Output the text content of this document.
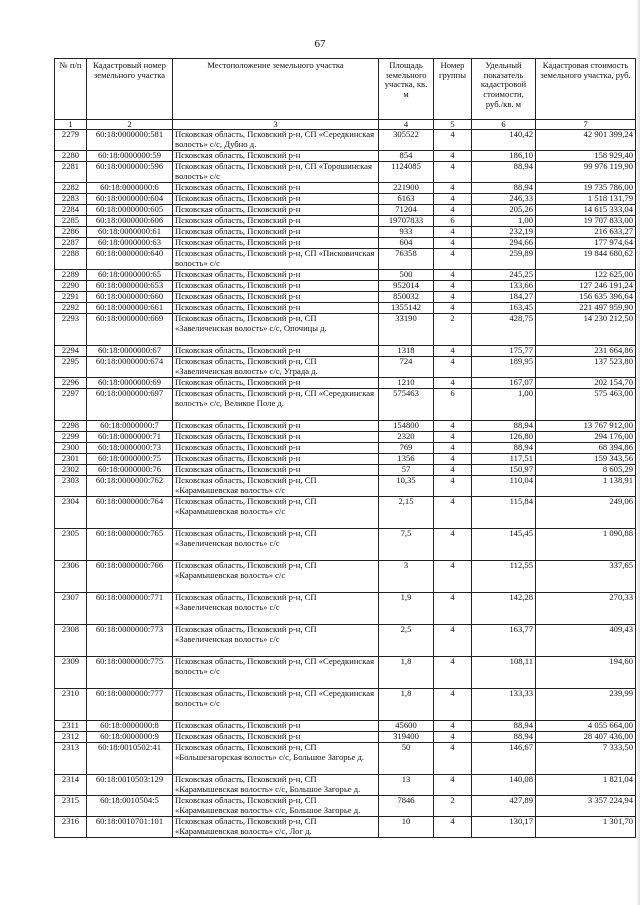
67
№ п/п	Кадастровый номер земельного участка	Местоположение земельного участка	Площадь земельного участка, кв. м	Номер группы	Удельный показатель кадастровой стоимости, руб./кв. м	Кадастровая стоимость земельного участка, руб.
1	2	3	4	5	6	7
2279	60:18:0000000:581	Псковская область, Псковский р-н, СП «Середкинская волость» с/с, Дубно д.	305522	4	140,42	42 901 399,24
2280	60:18:0000000:59	Псковская область, Псковский р-н	854	4	186,10	158 929,40
2281	60:18:0000000:596	Псковская область, Псковский р-н, СП «Торошинская волость» с/с	1124085	4	88,94	99 976 119,90
2282	60:18:0000000:6	Псковская область, Псковский р-н	221900	4	88,94	19 735 786,00
2283	60:18:0000000:604	Псковская область, Псковский р-н	6163	4	246,33	1 518 131,79
2284	60:18:0000000:605	Псковская область, Псковский р-н	71204	4	205,26	14 615 333,04
2285	60:18:0000000:606	Псковская область, Псковский р-н	19707833	6	1,00	19 707 833,00
2286	60:18:0000000:61	Псковская область, Псковский р-н	933	4	232,19	216 633,27
2287	60:18:0000000:63	Псковская область, Псковский р-н	604	4	294,66	177 974,64
2288	60:18:0000000:640	Псковская область, Псковский р-н, СП «Писковичская волость» с/с	76358	4	259,89	19 844 680,62
2289	60:18:0000000:65	Псковская область, Псковский р-н	500	4	245,25	122 625,00
2290	60:18:0000000:653	Псковская область, Псковский р-н	952014	4	133,66	127 246 191,24
2291	60:18:0000000:660	Псковская область, Псковский р-н	850032	4	184,27	156 635 396,64
2292	60:18:0000000:661	Псковская область, Псковский р-н	1355142	4	163,45	221 497 959,90
2293	60:18:0000000:669	Псковская область, Псковский р-н, СП «Завеличенская волость» с/с, Опочицы д.	33190	2	428,75	14 230 212,50
2294	60:18:0000000:67	Псковская область, Псковский р-н	1318	4	175,77	231 664,86
2295	60:18:0000000:674	Псковская область, Псковский р-н, СП «Завеличенская волость» с/с, Уграда д.	724	4	189,95	137 523,80
2296	60:18:0000000:69	Псковская область, Псковский р-н	1210	4	167,07	202 154,70
2297	60:18:0000000:697	Псковская область, Псковский р-н, СП «Середкинская волость» с/с, Великое Поле д.	575463	6	1,00	575 463,00
2298	60:18:0000000:7	Псковская область, Псковский р-н	154800	4	88,94	13 767 912,00
2299	60:18:0000000:71	Псковская область, Псковский р-н	2320	4	126,80	294 176,00
2300	60:18:0000000:73	Псковская область, Псковский р-н	769	4	88,94	68 394,86
2301	60:18:0000000:75	Псковская область, Псковский р-н	1356	4	117,51	159 343,56
2302	60:18:0000000:76	Псковская область, Псковский р-н	57	4	150,97	8 605,29
2303	60:18:0000000:762	Псковская область, Псковский р-н, СП «Карамышевская волость» с/с	10,35	4	110,04	1 138,91
2304	60:18:0000000:764	Псковская область, Псковский р-н, СП «Карамышевская волость» с/с	2,15	4	115,84	249,06
2305	60:18:0000000:765	Псковская область, Псковский р-н, СП «Завеличенская волость» с/с	7,5	4	145,45	1 090,88
2306	60:18:0000000:766	Псковская область, Псковский р-н, СП «Карамышевская волость» с/с	3	4	112,55	337,65
2307	60:18:0000000:771	Псковская область, Псковский р-н, СП «Завеличенская волость» с/с	1,9	4	142,28	270,33
2308	60:18:0000000:773	Псковская область, Псковский р-н, СП «Завеличенская волость» с/с	2,5	4	163,77	409,43
2309	60:18:0000000:775	Псковская область, Псковский р-н, СП «Середкинская волость» с/с	1,8	4	108,11	194,60
2310	60:18:0000000:777	Псковская область, Псковский р-н, СП «Середкинская волость» с/с	1,8	4	133,33	239,99
2311	60:18:0000000:8	Псковская область, Псковский р-н	45600	4	88,94	4 055 664,00
2312	60:18:0000000:9	Псковская область, Псковский р-н	319400	4	88,94	28 407 436,00
2313	60:18:0010502:41	Псковская область, Псковский р-н, СП «Большезагорская волость» с/с, Большое Загорье д.	50	4	146,67	7 333,50
2314	60:18:0010503:129	Псковская область, Псковский р-н, СП «Карамышевская волость» с/с, Большое Загорье д.	13	4	140,08	1 821,04
2315	60:18:0010504:5	Псковская область, Псковский р-н, СП «Карамышевская волость» с/с, Большое Загорье д.	7846	2	427,89	3 357 224,94
2316	60:18:0010701:101	Псковская область, Псковский р-н, СП «Карамышевская волость» с/с, Лог д.	10	4	130,17	1 301,70
